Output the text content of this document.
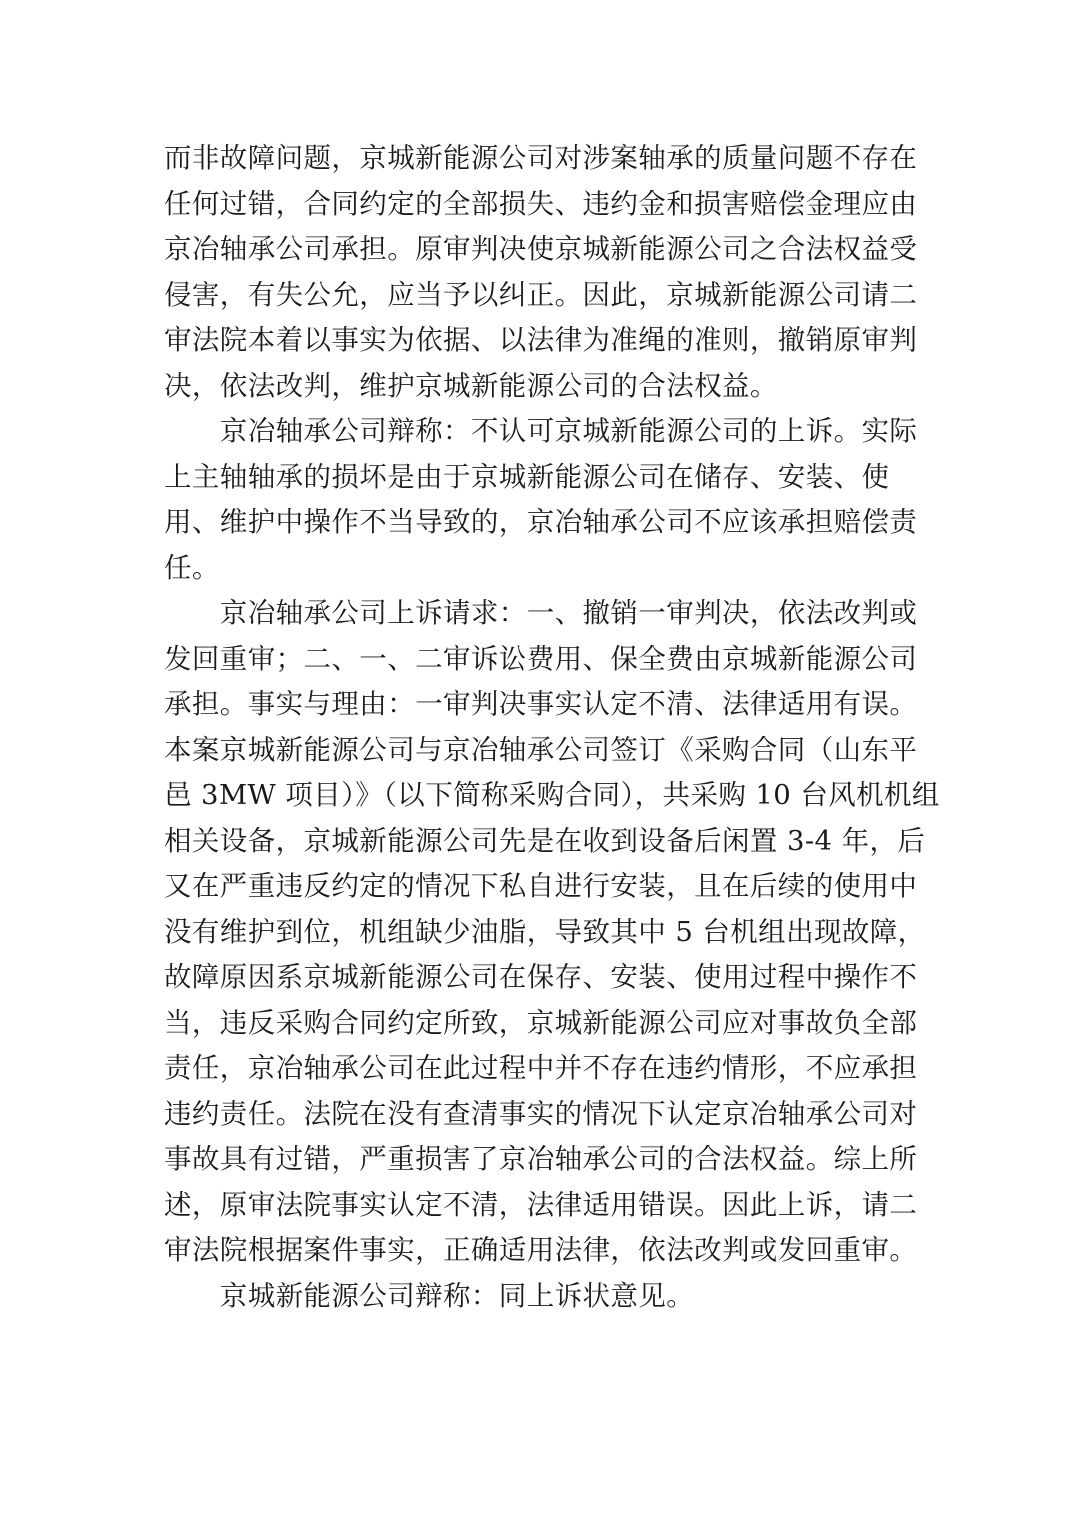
而非故障问题，京城新能源公司对涉案轴承的质量问题不存在
任何过错，合同约定的全部损失、违约金和损害赔偿金理应由
京冶轴承公司承担。原审判决使京城新能源公司之合法权益受
侵害，有失公允，应当予以纠正。因此，京城新能源公司请二
审法院本着以事实为依据、以法律为准绳的准则，撤销原审判
决，依法改判，维护京城新能源公司的合法权益。
　　京冶轴承公司辩称：不认可京城新能源公司的上诉。实际
上主轴轴承的损坏是由于京城新能源公司在储存、安装、使
用、维护中操作不当导致的，京冶轴承公司不应该承担赔偿责
任。
　　京冶轴承公司上诉请求：一、撤销一审判决，依法改判或
发回重审；二、一、二审诉讼费用、保全费由京城新能源公司
承担。事实与理由：一审判决事实认定不清、法律适用有误。
本案京城新能源公司与京冶轴承公司签订《采购合同（山东平
邑 3MW 项目）》（以下简称采购合同），共采购 10 台风机机组
相关设备，京城新能源公司先是在收到设备后闲置 3-4 年，后
又在严重违反约定的情况下私自进行安装，且在后续的使用中
没有维护到位，机组缺少油脂，导致其中 5 台机组出现故障，
故障原因系京城新能源公司在保存、安装、使用过程中操作不
当，违反采购合同约定所致，京城新能源公司应对事故负全部
责任，京冶轴承公司在此过程中并不存在违约情形，不应承担
违约责任。法院在没有查清事实的情况下认定京冶轴承公司对
事故具有过错，严重损害了京冶轴承公司的合法权益。综上所
述，原审法院事实认定不清，法律适用错误。因此上诉，请二
审法院根据案件事实，正确适用法律，依法改判或发回重审。
　　京城新能源公司辩称：同上诉状意见。
